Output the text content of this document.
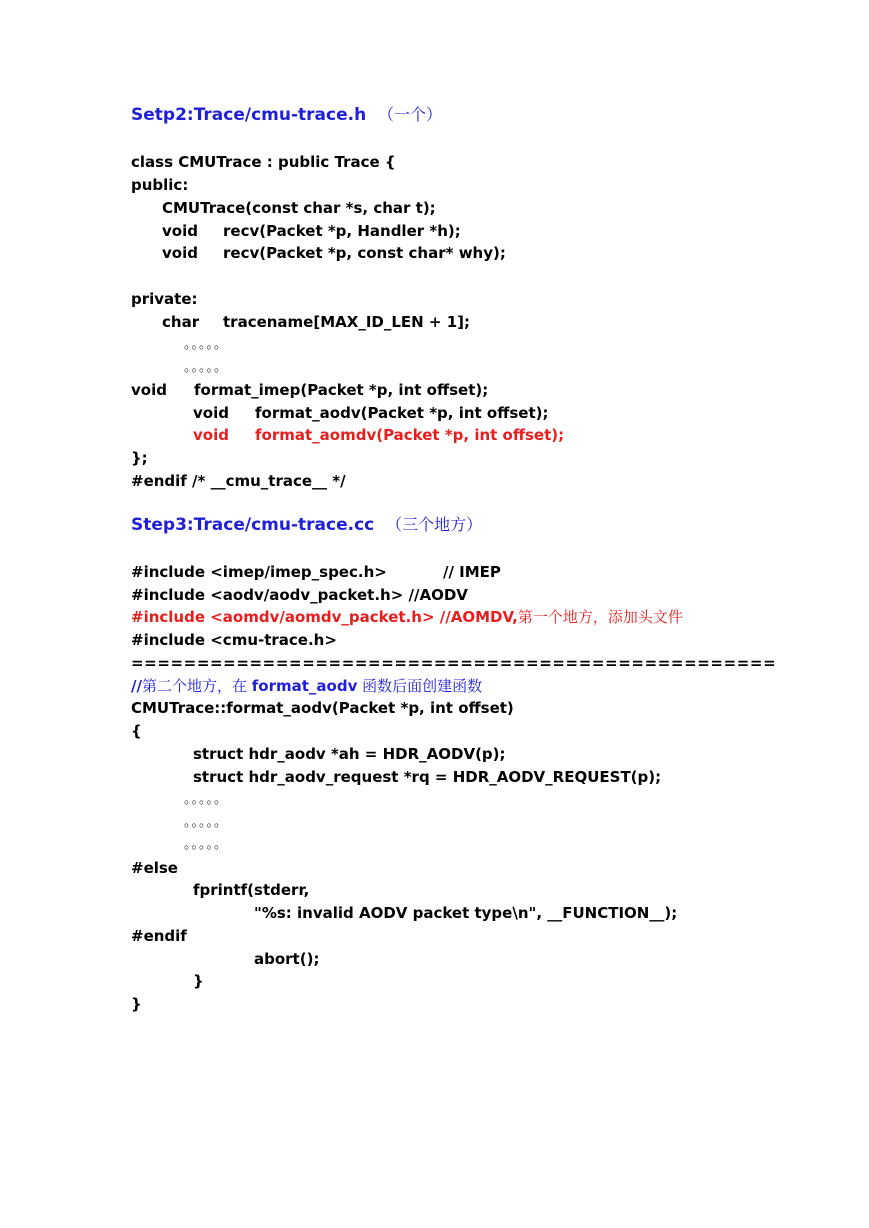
Setp2:Trace/cmu-trace.h （一个）
class CMUTrace : public Trace {
public:
CMUTrace(const char *s, char t);
void recv(Packet *p, Handler *h);
void recv(Packet *p, const char* why);
private:
char tracename[MAX_ID_LEN + 1];
。。。。。
。。。。。
void format_imep(Packet *p, int offset);
void format_aodv(Packet *p, int offset);
void format_aomdv(Packet *p, int offset);
};
#endif /* __cmu_trace__ */
Step3:Trace/cmu-trace.cc （三个地方）
#include <imep/imep_spec.h>	// IMEP
#include <aodv/aodv_packet.h> //AODV
#include <aomdv/aomdv_packet.h> //AOMDV,第一个地方，添加头文件
#include <cmu-trace.h>
=================================================
//第二个地方，在 format_aodv 函数后面创建函数
CMUTrace::format_aodv(Packet *p, int offset)
{
struct hdr_aodv *ah = HDR_AODV(p);
struct hdr_aodv_request *rq = HDR_AODV_REQUEST(p);
。。。。。
。。。。。
。。。。。
#else
fprintf(stderr,
"%s: invalid AODV packet type\n", __FUNCTION__);
#endif
abort();
}
}
